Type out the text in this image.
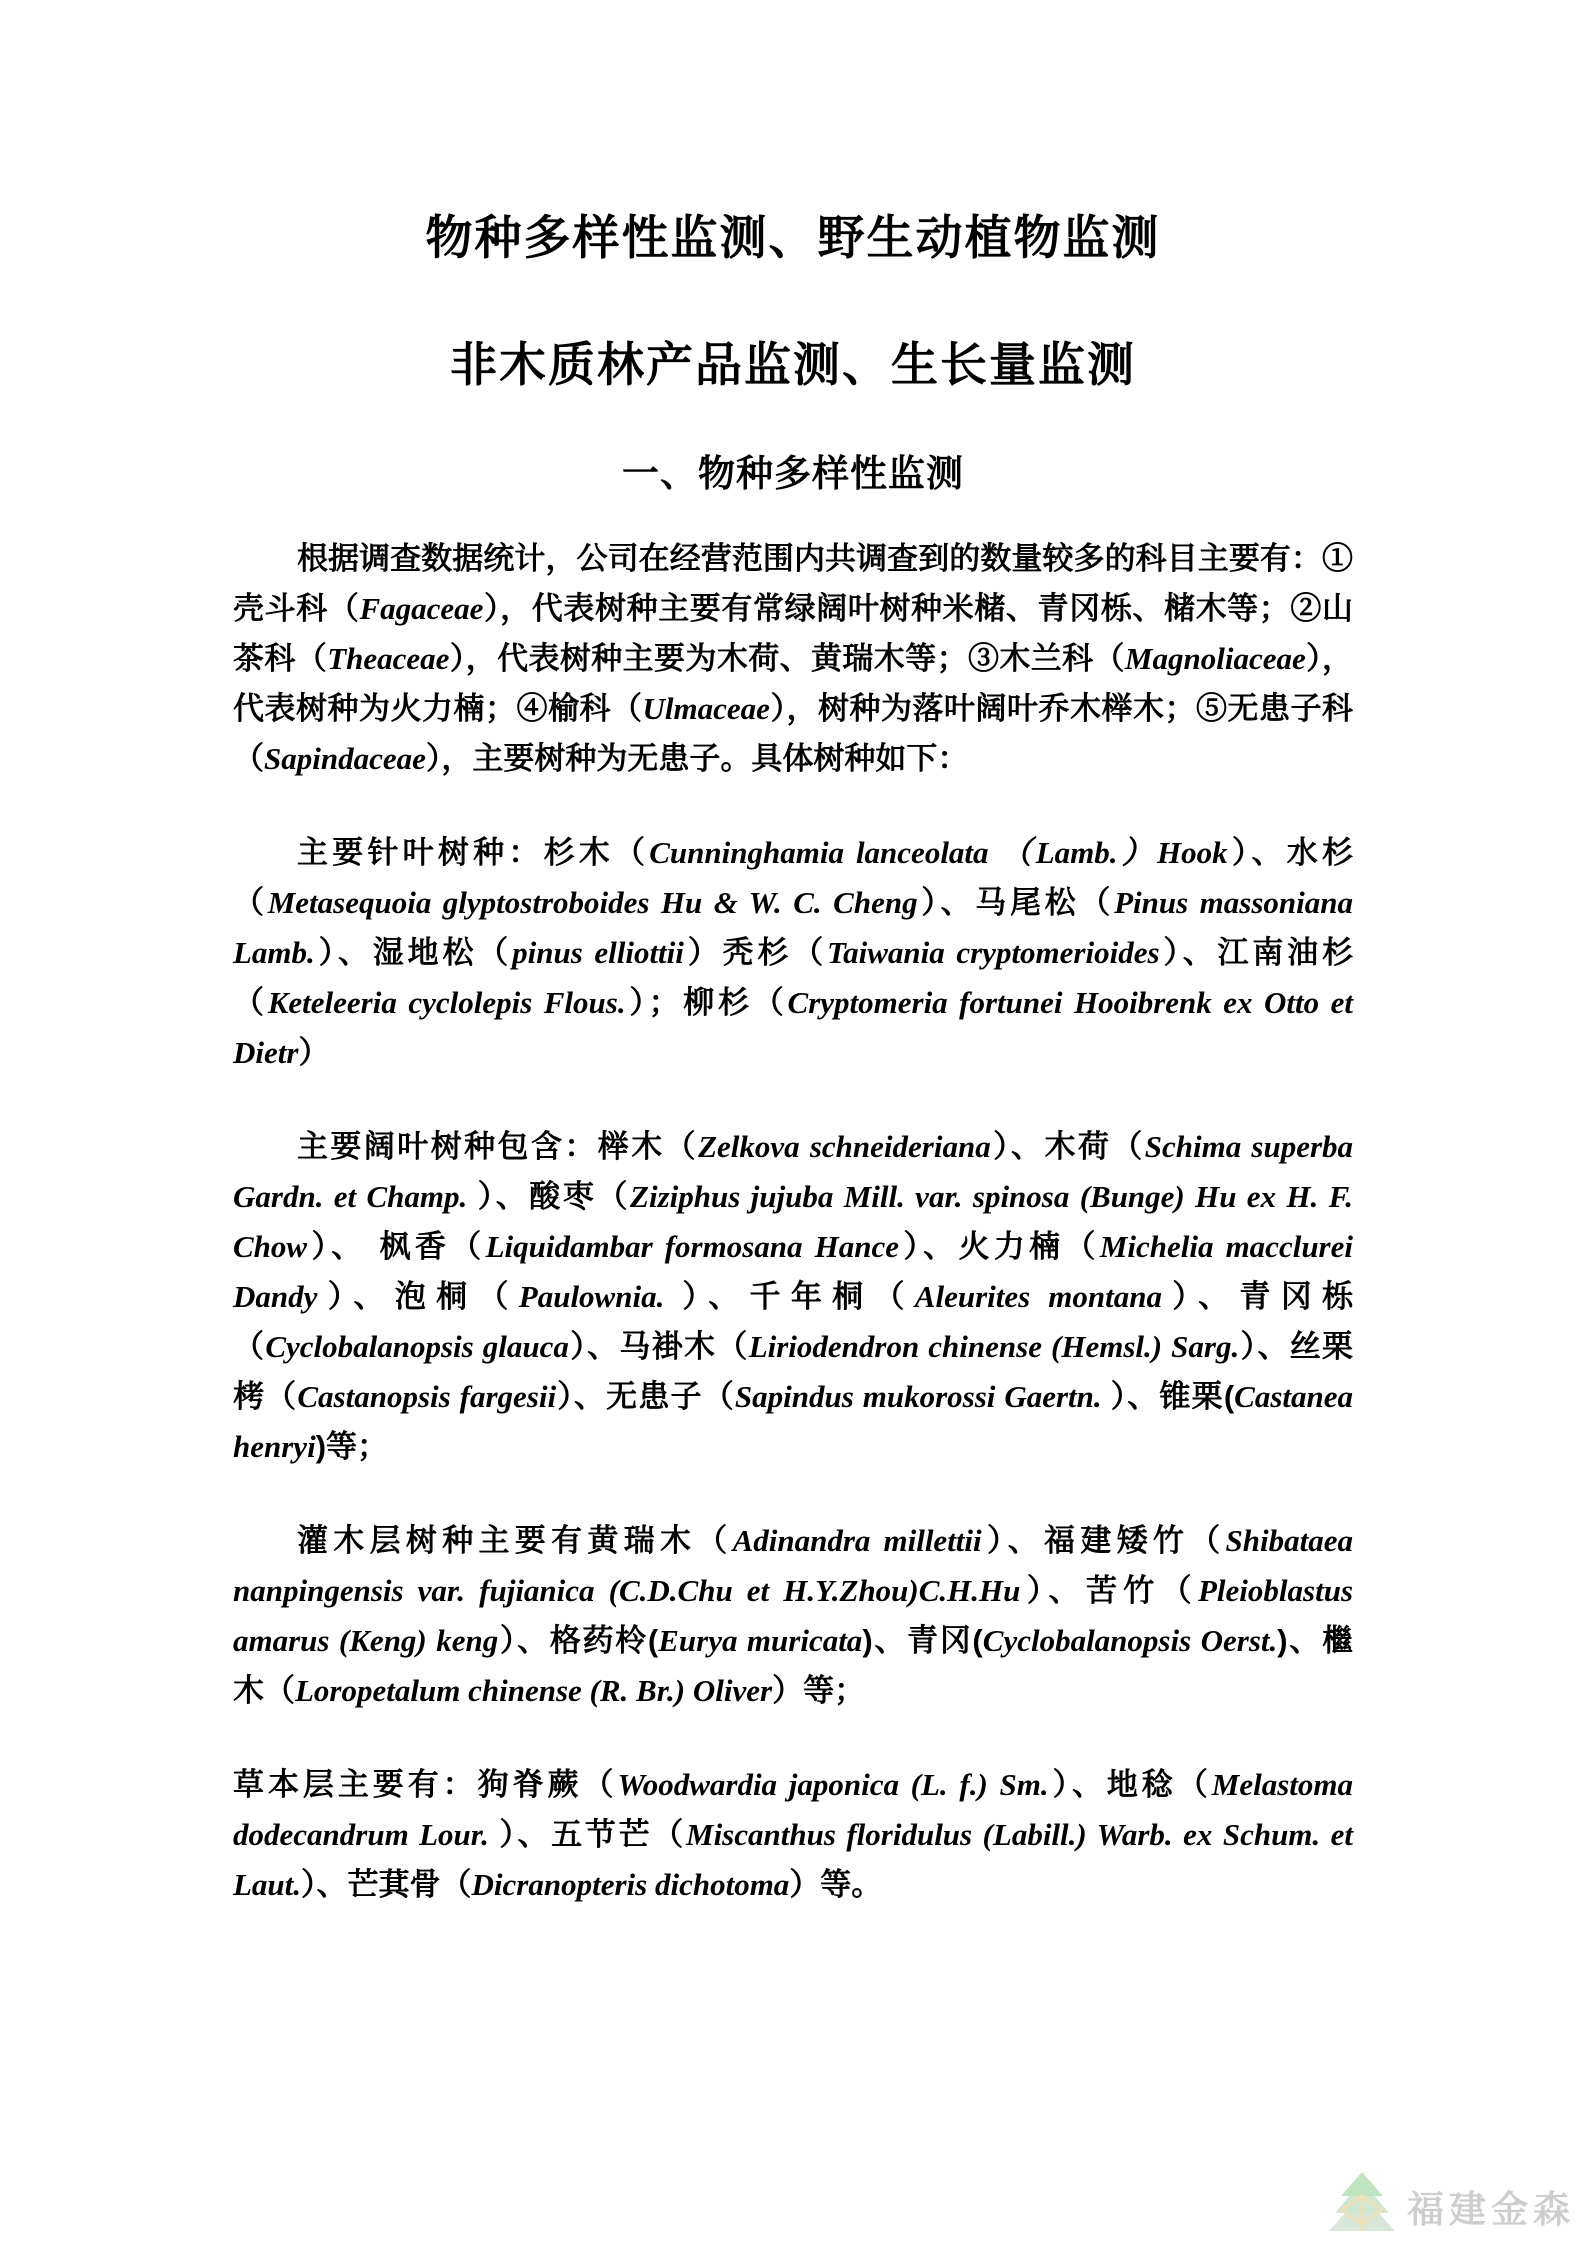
物种多样性监测、野生动植物监测
非木质林产品监测、生长量监测
一、物种多样性监测

根据调查数据统计，公司在经营范围内共调查到的数量较多的科目主要有：①壳斗科（Fagaceae），代表树种主要有常绿阔叶树种米槠、青冈栎、槠木等；②山茶科（Theaceae），代表树种主要为木荷、黄瑞木等；③木兰科（Magnoliaceae），代表树种为火力楠；④榆科（Ulmaceae），树种为落叶阔叶乔木榉木；⑤无患子科（Sapindaceae），主要树种为无患子。具体树种如下：

主要针叶树种：杉木（Cunninghamia lanceolata （Lamb.）Hook）、水杉（Metasequoia glyptostroboides Hu & W. C. Cheng）、马尾松（Pinus massoniana Lamb.）、湿地松（pinus elliottii）秃杉（Taiwania cryptomerioides）、江南油杉（Keteleeria cyclolepis Flous.）；柳杉（Cryptomeria fortunei Hooibrenk ex Otto et Dietr）

主要阔叶树种包含：榉木（Zelkova schneideriana）、木荷（Schima superba Gardn. et Champ. ）、酸枣（Ziziphus jujuba Mill. var. spinosa (Bunge) Hu ex H. F. Chow）、 枫香（Liquidambar formosana Hance）、火力楠（Michelia macclurei Dandy）、泡桐（Paulownia. ）、千年桐（Aleurites montana）、青冈栎（Cyclobalanopsis glauca）、马褂木（Liriodendron chinense (Hemsl.) Sarg.）、丝栗栲（Castanopsis fargesii）、无患子（Sapindus mukorossi Gaertn. ）、锥栗(Castanea henryi)等；

灌木层树种主要有黄瑞木（Adinandra millettii）、福建矮竹（Shibataea nanpingensis var. fujianica (C.D.Chu et H.Y.Zhou)C.H.Hu）、苦竹（Pleioblastus amarus (Keng) keng）、格药柃(Eurya muricata)、青冈(Cyclobalanopsis Oerst.)、檵木（Loropetalum chinense (R. Br.) Oliver）等；

草本层主要有：狗脊蕨（Woodwardia japonica (L. f.) Sm.）、地稔（Melastoma dodecandrum Lour. ）、五节芒（Miscanthus floridulus (Labill.) Warb. ex Schum. et Laut.）、芒萁骨（Dicranopteris dichotoma）等。

福建金森
